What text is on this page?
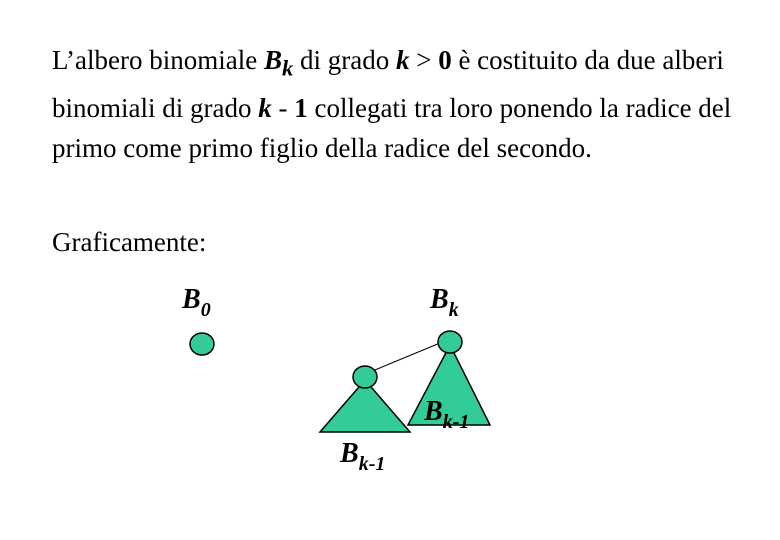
L’albero binomiale $B_k$ di grado k > 0 è costituito da due alberi binomiali di grado k - 1 collegati tra loro ponendo la radice del primo come primo figlio della radice del secondo.

Graficamente:

$B_0$	$B_k$
$B_{k-1}$
$B_{k-1}$
